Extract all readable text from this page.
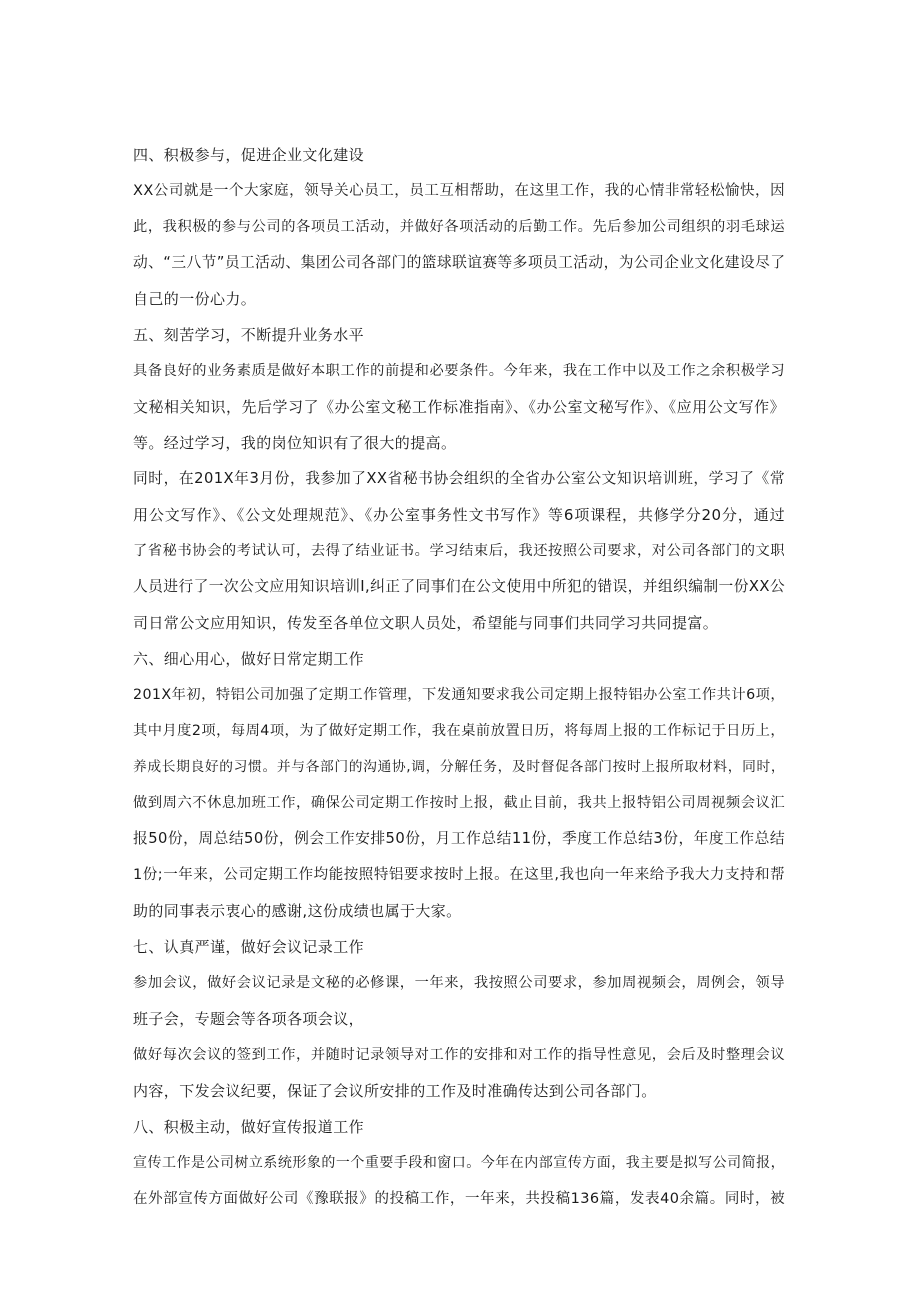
四、积极参与，促进企业文化建设
XX公司就是一个大家庭，领导关心员工，员工互相帮助，在这里工作，我的心情非常轻松愉快，因
此，我积极的参与公司的各项员工活动，并做好各项活动的后勤工作。先后参加公司组织的羽毛球运
动、“三八节”员工活动、集团公司各部门的篮球联谊赛等多项员工活动，为公司企业文化建设尽了
自己的一份心力。
五、刻苦学习，不断提升业务水平
具备良好的业务素质是做好本职工作的前提和必要条件。今年来，我在工作中以及工作之余积极学习
文秘相关知识，先后学习了《办公室文秘工作标准指南》、《办公室文秘写作》、《应用公文写作》
等。经过学习，我的岗位知识有了很大的提高。
同时，在201X年3月份，我参加了XX省秘书协会组织的全省办公室公文知识培训班，学习了《常
用公文写作》、《公文处理规范》、《办公室事务性文书写作》等6项课程，共修学分20分，通过
了省秘书协会的考试认可，去得了结业证书。学习结束后，我还按照公司要求，对公司各部门的文职
人员进行了一次公文应用知识培训I,纠正了同事们在公文使用中所犯的错误，并组织编制一份XX公
司日常公文应用知识，传发至各单位文职人员处，希望能与同事们共同学习共同提富。
六、细心用心，做好日常定期工作
201X年初，特铝公司加强了定期工作管理，下发通知要求我公司定期上报特铝办公室工作共计6项，
其中月度2项，每周4项，为了做好定期工作，我在桌前放置日历，将每周上报的工作标记于日历上，
养成长期良好的习惯。并与各部门的沟通协,调，分解任务，及时督促各部门按时上报所取材料，同时，
做到周六不休息加班工作，确保公司定期工作按时上报，截止目前，我共上报特铝公司周视频会议汇
报50份，周总结50份，例会工作安排50份，月工作总结11份，季度工作总结3份，年度工作总结
1份;一年来，公司定期工作均能按照特铝要求按时上报。在这里,我也向一年来给予我大力支持和帮
助的同事表示衷心的感谢,这份成绩也属于大家。
七、认真严谨，做好会议记录工作
参加会议，做好会议记录是文秘的必修课，一年来，我按照公司要求，参加周视频会，周例会，领导
班子会，专题会等各项各项会议，
做好每次会议的签到工作，并随时记录领导对工作的安排和对工作的指导性意见，会后及时整理会议
内容，下发会议纪要，保证了会议所安排的工作及时准确传达到公司各部门。
八、积极主动，做好宣传报道工作
宣传工作是公司树立系统形象的一个重要手段和窗口。今年在内部宣传方面，我主要是拟写公司简报，
在外部宣传方面做好公司《豫联报》的投稿工作，一年来，共投稿136篇，发表40余篇。同时，被
